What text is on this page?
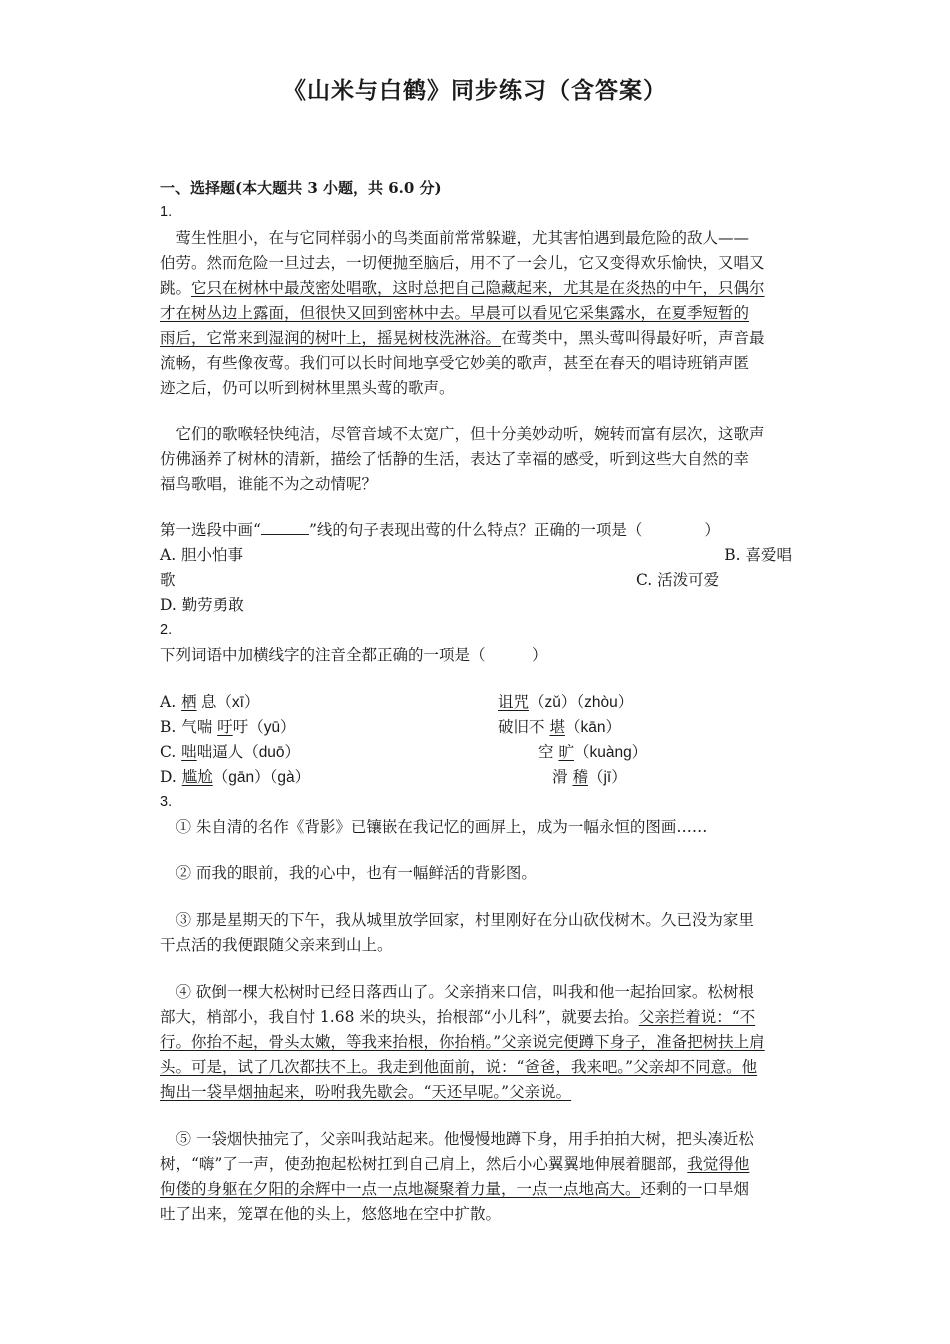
《山米与白鹤》同步练习（含答案）
一、选择题(本大题共 3 小题，共 6.0 分)
1.
　莺生性胆小，在与它同样弱小的鸟类面前常常躲避，尤其害怕遇到最危险的敌人——
伯劳。然而危险一旦过去，一切便抛至脑后，用不了一会儿，它又变得欢乐愉快，又唱又
跳。它只在树林中最茂密处唱歌，这时总把自己隐藏起来，尤其是在炎热的中午，只偶尔
才在树丛边上露面，但很快又回到密林中去。早晨可以看见它采集露水，在夏季短暂的
雨后，它常来到湿润的树叶上，摇晃树枝洗淋浴。在莺类中，黑头莺叫得最好听，声音最
流畅，有些像夜莺。我们可以长时间地享受它妙美的歌声，甚至在春天的唱诗班销声匿
迹之后，仍可以听到树林里黑头莺的歌声。
　它们的歌喉轻快纯洁，尽管音域不太宽广，但十分美妙动听，婉转而富有层次，这歌声
仿佛涵养了树林的清新，描绘了恬静的生活，表达了幸福的感受，听到这些大自然的幸
福鸟歌唱，谁能不为之动情呢？
第一选段中画“	”线的句子表现出莺的什么特点？正确的一项是（　　　　）
A. 胆小怕事	B. 喜爱唱
歌	C. 活泼可爱
D. 勤劳勇敢
2.
下列词语中加横线字的注音全都正确的一项是（　　　）
A. 栖 息（xī）	诅咒（zǔ）（zhòu）
B. 气喘 吁吁（yū）	破旧不 堪（kān）
C. 咄咄逼人（duō）	空 旷（kuàng）
D. 尴尬（gān）（gà）	滑 稽（jī）
3.
　① 朱自清的名作《背影》已镶嵌在我记忆的画屏上，成为一幅永恒的图画……
　② 而我的眼前，我的心中，也有一幅鲜活的背影图。
　③ 那是星期天的下午，我从城里放学回家，村里刚好在分山砍伐树木。久已没为家里
干点活的我便跟随父亲来到山上。
　④ 砍倒一棵大松树时已经日落西山了。父亲捎来口信，叫我和他一起抬回家。松树根
部大，梢部小，我自忖 1.68 米的块头，抬根部“小儿科”，就要去抬。父亲拦着说：“不
行。你抬不起，骨头太嫩，等我来抬根，你抬梢。”父亲说完便蹲下身子，准备把树扶上肩
头。可是，试了几次都扶不上。我走到他面前，说：“爸爸，我来吧。”父亲却不同意。他
掏出一袋旱烟抽起来，吩咐我先歇会。“天还早呢。”父亲说。
　⑤ 一袋烟快抽完了，父亲叫我站起来。他慢慢地蹲下身，用手拍拍大树，把头凑近松
树，“嗨”了一声，使劲抱起松树扛到自己肩上，然后小心翼翼地伸展着腿部，我觉得他
佝偻的身躯在夕阳的余辉中一点一点地凝聚着力量，一点一点地高大。还剩的一口旱烟
吐了出来，笼罩在他的头上，悠悠地在空中扩散。
